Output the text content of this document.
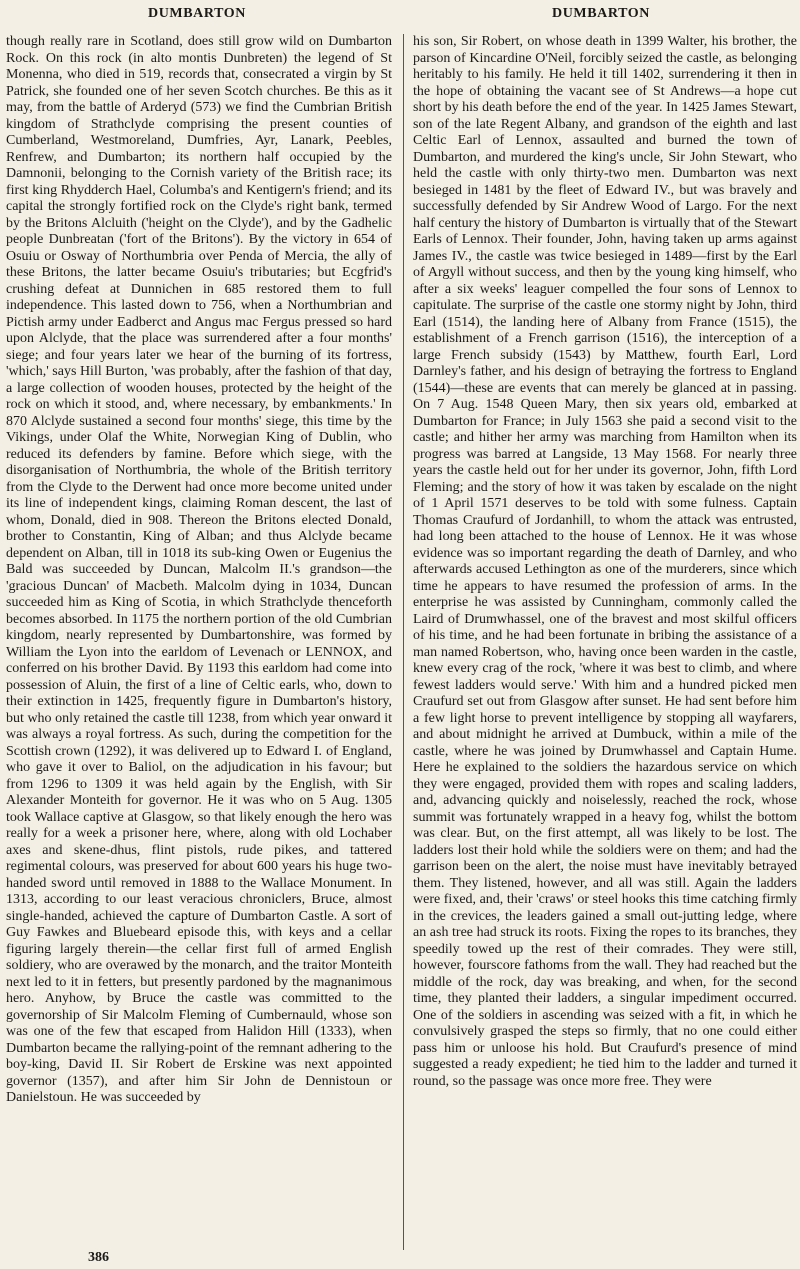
DUMBARTON	DUMBARTON

though really rare in Scotland, does still grow wild on Dumbarton Rock. On this rock (in alto montis Dunbreten) the legend of St Monenna, who died in 519, records that, consecrated a virgin by St Patrick, she founded one of her seven Scotch churches. Be this as it may, from the battle of Arderyd (573) we find the Cumbrian British kingdom of Strathclyde comprising the present counties of Cumberland, Westmoreland, Dumfries, Ayr, Lanark, Peebles, Renfrew, and Dumbarton; its northern half occupied by the Damnonii, belonging to the Cornish variety of the British race; its first king Rhydderch Hael, Columba's and Kentigern's friend; and its capital the strongly fortified rock on the Clyde's right bank, termed by the Britons Alcluith ('height on the Clyde'), and by the Gadhelic people Dunbreatan ('fort of the Britons'). By the victory in 654 of Osuiu or Osway of Northumbria over Penda of Mercia, the ally of these Britons, the latter became Osuiu's tributaries; but Ecgfrid's crushing defeat at Dunnichen in 685 restored them to full independence. This lasted down to 756, when a Northumbrian and Pictish army under Eadberct and Angus mac Fergus pressed so hard upon Alclyde, that the place was surrendered after a four months' siege; and four years later we hear of the burning of its fortress, 'which,' says Hill Burton, 'was probably, after the fashion of that day, a large collection of wooden houses, protected by the height of the rock on which it stood, and, where necessary, by embankments.' In 870 Alclyde sustained a second four months' siege, this time by the Vikings, under Olaf the White, Norwegian King of Dublin, who reduced its defenders by famine. Before which siege, with the disorganisation of Northumbria, the whole of the British territory from the Clyde to the Derwent had once more become united under its line of independent kings, claiming Roman descent, the last of whom, Donald, died in 908. Thereon the Britons elected Donald, brother to Constantin, King of Alban; and thus Alclyde became dependent on Alban, till in 1018 its sub-king Owen or Eugenius the Bald was succeeded by Duncan, Malcolm II.'s grandson—the 'gracious Duncan' of Macbeth. Malcolm dying in 1034, Duncan succeeded him as King of Scotia, in which Strathclyde thenceforth becomes absorbed. In 1175 the northern portion of the old Cumbrian kingdom, nearly represented by Dumbartonshire, was formed by William the Lyon into the earldom of Levenach or LENNOX, and conferred on his brother David. By 1193 this earldom had come into possession of Aluin, the first of a line of Celtic earls, who, down to their extinction in 1425, frequently figure in Dumbarton's history, but who only retained the castle till 1238, from which year onward it was always a royal fortress. As such, during the competition for the Scottish crown (1292), it was delivered up to Edward I. of England, who gave it over to Baliol, on the adjudication in his favour; but from 1296 to 1309 it was held again by the English, with Sir Alexander Monteith for governor. He it was who on 5 Aug. 1305 took Wallace captive at Glasgow, so that likely enough the hero was really for a week a prisoner here, where, along with old Lochaber axes and skene-dhus, flint pistols, rude pikes, and tattered regimental colours, was preserved for about 600 years his huge two-handed sword until removed in 1888 to the Wallace Monument. In 1313, according to our least veracious chroniclers, Bruce, almost single-handed, achieved the capture of Dumbarton Castle. A sort of Guy Fawkes and Bluebeard episode this, with keys and a cellar figuring largely therein—the cellar first full of armed English soldiery, who are overawed by the monarch, and the traitor Monteith next led to it in fetters, but presently pardoned by the magnanimous hero. Anyhow, by Bruce the castle was committed to the governorship of Sir Malcolm Fleming of Cumbernauld, whose son was one of the few that escaped from Halidon Hill (1333), when Dumbarton became the rallying-point of the remnant adhering to the boy-king, David II. Sir Robert de Erskine was next appointed governor (1357), and after him Sir John de Dennistoun or Danielstoun. He was succeeded by

his son, Sir Robert, on whose death in 1399 Walter, his brother, the parson of Kincardine O'Neil, forcibly seized the castle, as belonging heritably to his family. He held it till 1402, surrendering it then in the hope of obtaining the vacant see of St Andrews—a hope cut short by his death before the end of the year. In 1425 James Stewart, son of the late Regent Albany, and grandson of the eighth and last Celtic Earl of Lennox, assaulted and burned the town of Dumbarton, and murdered the king's uncle, Sir John Stewart, who held the castle with only thirty-two men. Dumbarton was next besieged in 1481 by the fleet of Edward IV., but was bravely and successfully defended by Sir Andrew Wood of Largo. For the next half century the history of Dumbarton is virtually that of the Stewart Earls of Lennox. Their founder, John, having taken up arms against James IV., the castle was twice besieged in 1489—first by the Earl of Argyll without success, and then by the young king himself, who after a six weeks' leaguer compelled the four sons of Lennox to capitulate. The surprise of the castle one stormy night by John, third Earl (1514), the landing here of Albany from France (1515), the establishment of a French garrison (1516), the interception of a large French subsidy (1543) by Matthew, fourth Earl, Lord Darnley's father, and his design of betraying the fortress to England (1544)—these are events that can merely be glanced at in passing. On 7 Aug. 1548 Queen Mary, then six years old, embarked at Dumbarton for France; in July 1563 she paid a second visit to the castle; and hither her army was marching from Hamilton when its progress was barred at Langside, 13 May 1568. For nearly three years the castle held out for her under its governor, John, fifth Lord Fleming; and the story of how it was taken by escalade on the night of 1 April 1571 deserves to be told with some fulness. Captain Thomas Craufurd of Jordanhill, to whom the attack was entrusted, had long been attached to the house of Lennox. He it was whose evidence was so important regarding the death of Darnley, and who afterwards accused Lethington as one of the murderers, since which time he appears to have resumed the profession of arms. In the enterprise he was assisted by Cunningham, commonly called the Laird of Drumwhassel, one of the bravest and most skilful officers of his time, and he had been fortunate in bribing the assistance of a man named Robertson, who, having once been warden in the castle, knew every crag of the rock, 'where it was best to climb, and where fewest ladders would serve.' With him and a hundred picked men Craufurd set out from Glasgow after sunset. He had sent before him a few light horse to prevent intelligence by stopping all wayfarers, and about midnight he arrived at Dumbuck, within a mile of the castle, where he was joined by Drumwhassel and Captain Hume. Here he explained to the soldiers the hazardous service on which they were engaged, provided them with ropes and scaling ladders, and, advancing quickly and noiselessly, reached the rock, whose summit was fortunately wrapped in a heavy fog, whilst the bottom was clear. But, on the first attempt, all was likely to be lost. The ladders lost their hold while the soldiers were on them; and had the garrison been on the alert, the noise must have inevitably betrayed them. They listened, however, and all was still. Again the ladders were fixed, and, their 'craws' or steel hooks this time catching firmly in the crevices, the leaders gained a small out-jutting ledge, where an ash tree had struck its roots. Fixing the ropes to its branches, they speedily towed up the rest of their comrades. They were still, however, fourscore fathoms from the wall. They had reached but the middle of the rock, day was breaking, and when, for the second time, they planted their ladders, a singular impediment occurred. One of the soldiers in ascending was seized with a fit, in which he convulsively grasped the steps so firmly, that no one could either pass him or unloose his hold. But Craufurd's presence of mind suggested a ready expedient; he tied him to the ladder and turned it round, so the passage was once more free. They were

386
